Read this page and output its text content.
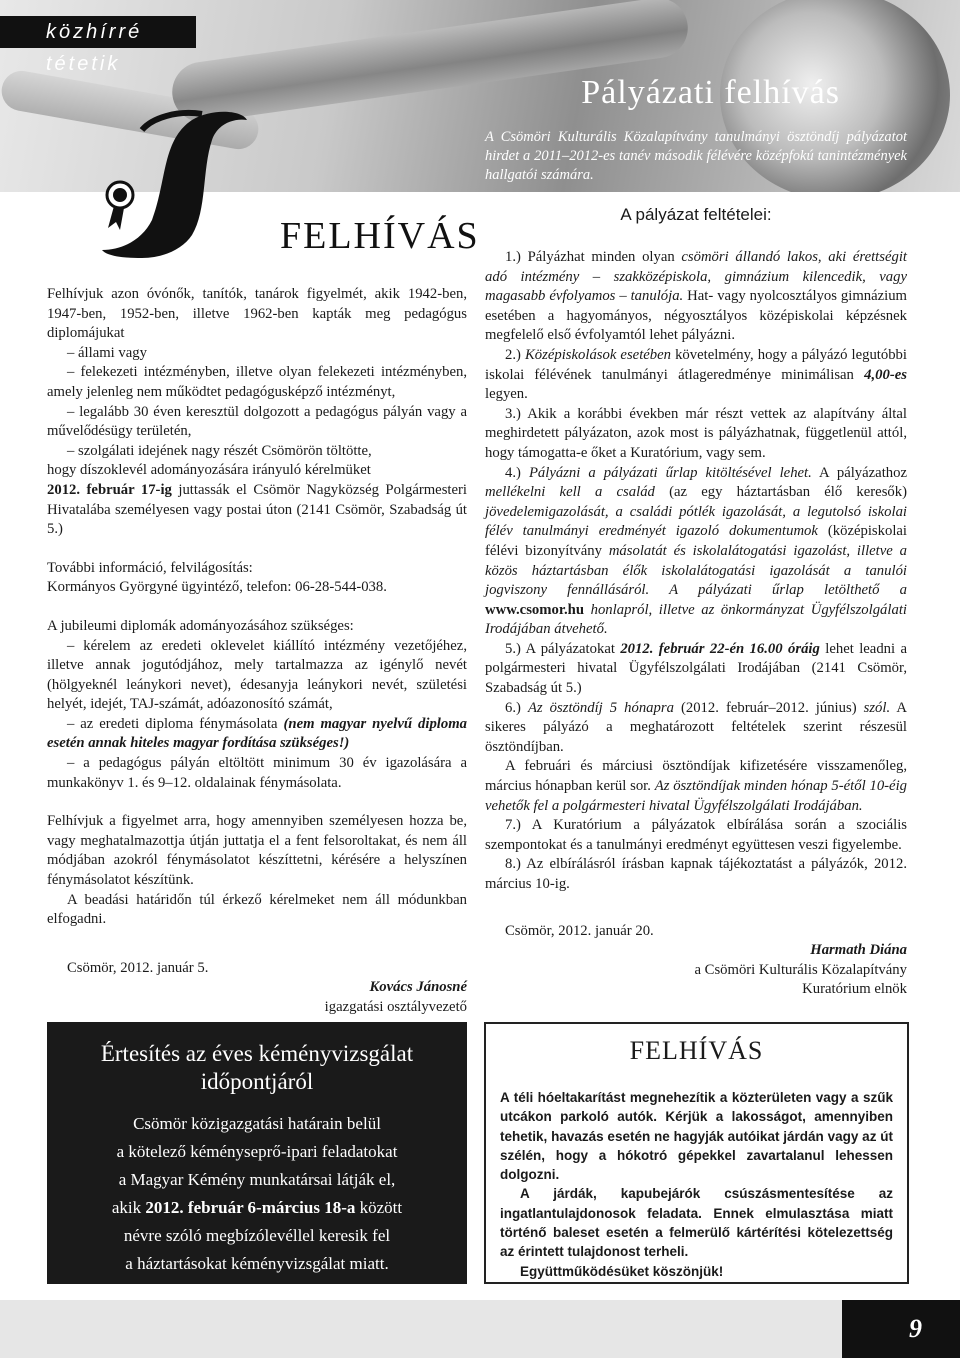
közhírré tétetik
Pályázati felhívás
A Csömöri Kulturális Közalapítvány tanulmányi ösztöndíj pályázatot hirdet a 2011–2012-es tanév második félévére középfokú tanintézmények hallgatói számára.
FELHÍVÁS

Felhívjuk azon óvónők, tanítók, tanárok figyelmét, akik 1942-ben, 1947-ben, 1952-ben, illetve 1962-ben kapták meg pedagógus diplomájukat

– állami vagy

– felekezeti intézményben, illetve olyan felekezeti intézményben, amely jelenleg nem működtet pedagógusképző intézményt,

– legalább 30 éven keresztül dolgozott a pedagógus pályán vagy a művelődésügy területén,

– szolgálati idejének nagy részét Csömörön töltötte,

hogy díszoklevél adományozására irányuló kérelmüket

2012. február 17-ig juttassák el Csömör Nagyközség Polgármesteri Hivatalába személyesen vagy postai úton (2141 Csömör, Szabadság út 5.)

További információ, felvilágosítás:

Kormányos Györgyné ügyintéző, telefon: 06-28-544-038.

A jubileumi diplomák adományozásához szükséges:

– kérelem az eredeti oklevelet kiállító intézmény vezetőjéhez, illetve annak jogutódjához, mely tartalmazza az igénylő nevét (hölgyeknél leánykori nevet), édesanyja leánykori nevét, születési helyét, idejét, TAJ-számát, adóazonosító számát,

– az eredeti diploma fénymásolata (nem magyar nyelvű diploma esetén annak hiteles magyar fordítása szükséges!)

– a pedagógus pályán eltöltött minimum 30 év igazolására a munkakönyv 1. és 9–12. oldalainak fénymásolata.

Felhívjuk a figyelmet arra, hogy amennyiben személyesen hozza be, vagy meghatalmazottja útján juttatja el a fent felsoroltakat, és nem áll módjában azokról fénymásolatot készíttetni, kérésére a helyszínen fénymásolatot készítünk.

A beadási határidőn túl érkező kérelmeket nem áll módunkban elfogadni.

Csömör, 2012. január 5.

Kovács Jánosné

igazgatási osztályvezető

A pályázat feltételei:

1.) Pályázhat minden olyan csömöri állandó lakos, aki érettségit adó intézmény – szakközépiskola, gimnázium kilencedik, vagy magasabb évfolyamos – tanulója. Hat- vagy nyolcosztályos gimnázium esetében a hagyományos, négyosztályos középiskolai képzésnek megfelelő első évfolyamtól lehet pályázni.

2.) Középiskolások esetében követelmény, hogy a pályázó legutóbbi iskolai félévének tanulmányi átlageredménye minimálisan 4,00-es legyen.

3.) Akik a korábbi években már részt vettek az alapítvány által meghirdetett pályázaton, azok most is pályázhatnak, függetlenül attól, hogy támogatta-e őket a Kuratórium, vagy sem.

4.) Pályázni a pályázati űrlap kitöltésével lehet. A pályázathoz mellékelni kell a család (az egy háztartásban élő keresők) jövedelemigazolását, a családi pótlék igazolását, a legutolsó iskolai félév tanulmányi eredményét igazoló dokumentumok (középiskolai félévi bizonyítvány másolatát és iskolalátogatási igazolást, illetve a közös háztartásban élők iskolalátogatási igazolását a tanulói jogviszony fennállásáról. A pályázati űrlap letölthető a www.csomor.hu honlapról, illetve az önkormányzat Ügyfélszolgálati Irodájában átvehető.

5.) A pályázatokat 2012. február 22-én 16.00 óráig lehet leadni a polgármesteri hivatal Ügyfélszolgálati Irodájában (2141 Csömör, Szabadság út 5.)

6.) Az ösztöndíj 5 hónapra (2012. február–2012. június) szól. A sikeres pályázó a meghatározott feltételek szerint részesül ösztöndíjban.

A februári és márciusi ösztöndíjak kifizetésére visszamenőleg, március hónapban kerül sor. Az ösztöndíjak minden hónap 5-étől 10-éig vehetők fel a polgármesteri hivatal Ügyfélszolgálati Irodájában.

7.) A Kuratórium a pályázatok elbírálása során a szociális szempontokat és a tanulmányi eredményt együttesen veszi figyelembe.

8.) Az elbírálásról írásban kapnak tájékoztatást a pályázók, 2012. március 10-ig.

Csömör, 2012. január 20.

Harmath Diána

a Csömöri Kulturális Közalapítvány

Kuratórium elnök

Értesítés az éves kéményvizsgálat időpontjáról
Csömör közigazgatási határain belül
a kötelező kéményseprő-ipari feladatokat
a Magyar Kémény munkatársai látják el,
akik 2012. február 6-március 18-a között
névre szóló megbízólevéllel keresik fel
a háztartásokat kéményvizsgálat miatt.
FELHÍVÁS

A téli hóeltakarítást megnehezítik a közterületen vagy a szűk utcákon parkoló autók. Kérjük a lakosságot, amennyiben tehetik, havazás esetén ne hagyják autóikat járdán vagy az út szélén, hogy a hókotró gépekkel zavartalanul lehessen dolgozni.

A járdák, kapubejárók csúszásmentesítése az ingatlantulajdonosok feladata. Ennek elmulasztása miatt történő baleset esetén a felmerülő kártérítési kötelezettség az érintett tulajdonost terheli.

Együttműködésüket köszönjük!

9
